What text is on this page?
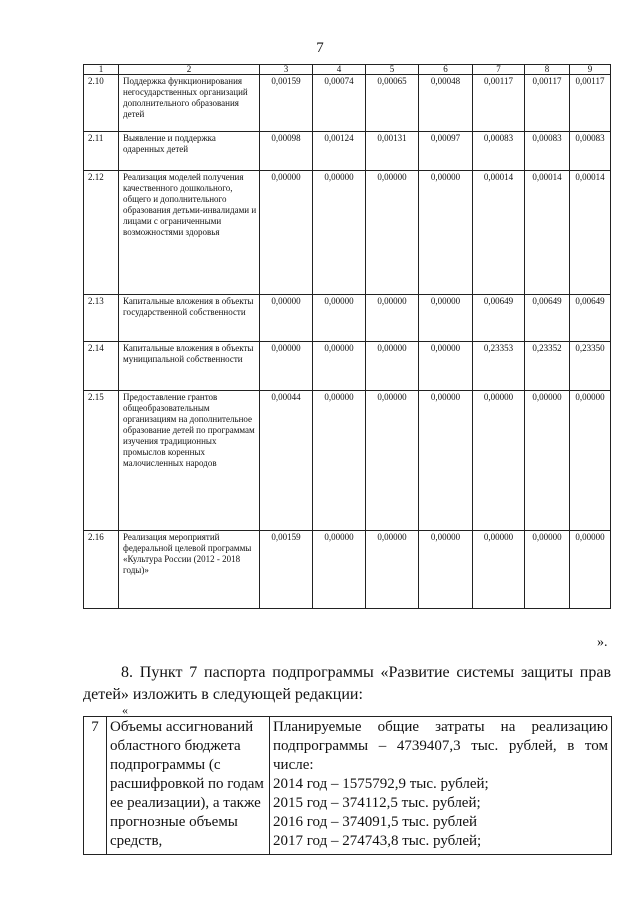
7
1	2	3	4	5	6	7	8	9
2.10	Поддержка функционирования негосударственных организаций дополнительного образования детей	0,00159	0,00074	0,00065	0,00048	0,00117	0,00117	0,00117
2.11	Выявление и поддержка одаренных детей	0,00098	0,00124	0,00131	0,00097	0,00083	0,00083	0,00083
2.12	Реализация моделей получения качественного дошкольного, общего и дополнительного образования детьми-инвалидами и лицами с ограниченными возможностями здоровья	0,00000	0,00000	0,00000	0,00000	0,00014	0,00014	0,00014
2.13	Капитальные вложения в объекты государственной собственности	0,00000	0,00000	0,00000	0,00000	0,00649	0,00649	0,00649
2.14	Капитальные вложения в объекты муниципальной собственности	0,00000	0,00000	0,00000	0,00000	0,23353	0,23352	0,23350
2.15	Предоставление грантов общеобразовательным организациям на дополнительное образование детей по программам изучения традиционных промыслов коренных малочисленных народов	0,00044	0,00000	0,00000	0,00000	0,00000	0,00000	0,00000
2.16	Реализация мероприятий федеральной целевой программы «Культура России (2012 - 2018 годы)»	0,00159	0,00000	0,00000	0,00000	0,00000	0,00000	0,00000
».
8. Пункт 7 паспорта подпрограммы «Развитие системы защиты прав детей» изложить в следующей редакции:
«
7	Объемы ассигнований областного бюджета подпрограммы (с расшифровкой по годам ее реализации), а также прогнозные объемы средств,	
Планируемые общие затраты на реализацию подпрограммы – 4739407,3 тыс. рублей, в том числе:
2014 год – 1575792,9 тыс. рублей;
2015 год – 374112,5 тыс. рублей;
2016 год – 374091,5 тыс. рублей
2017 год – 274743,8 тыс. рублей;
